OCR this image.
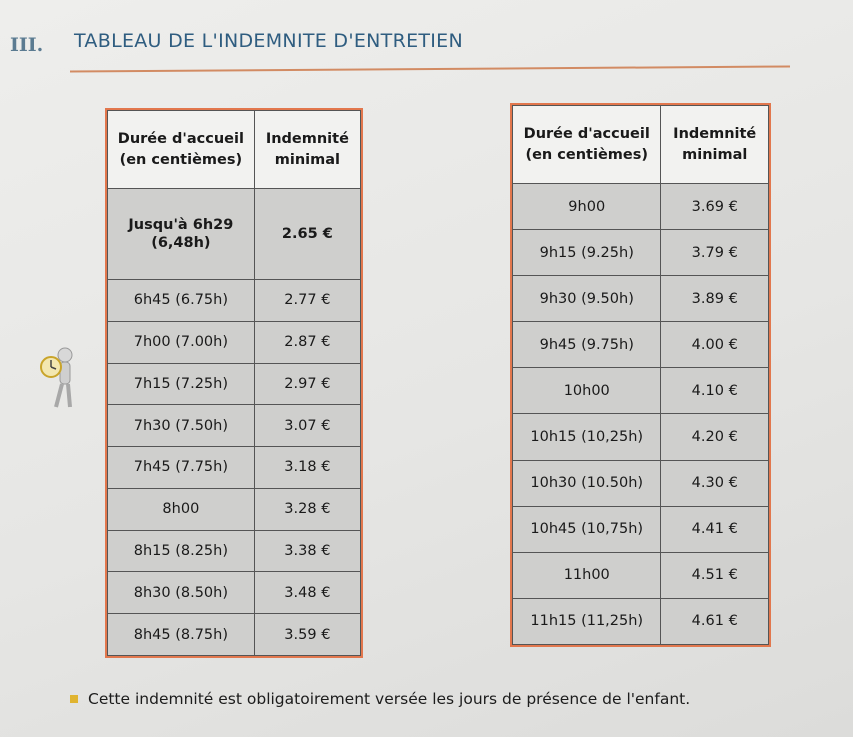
III. TABLEAU DE L'INDEMNITE D'ENTRETIEN
Durée d'accueil (en centièmes)	Indemnité minimal
Jusqu'à 6h29 (6,48h)	2.65 €
6h45 (6.75h)	2.77 €
7h00 (7.00h)	2.87 €
7h15 (7.25h)	2.97 €
7h30 (7.50h)	3.07 €
7h45 (7.75h)	3.18 €
8h00	3.28 €
8h15 (8.25h)	3.38 €
8h30 (8.50h)	3.48 €
8h45 (8.75h)	3.59 €
Durée d'accueil (en centièmes)	Indemnité minimal
9h00	3.69 €
9h15 (9.25h)	3.79 €
9h30 (9.50h)	3.89 €
9h45 (9.75h)	4.00 €
10h00	4.10 €
10h15 (10,25h)	4.20 €
10h30 (10.50h)	4.30 €
10h45 (10,75h)	4.41 €
11h00	4.51 €
11h15 (11,25h)	4.61 €
Cette indemnité est obligatoirement versée les jours de présence de l'enfant.
